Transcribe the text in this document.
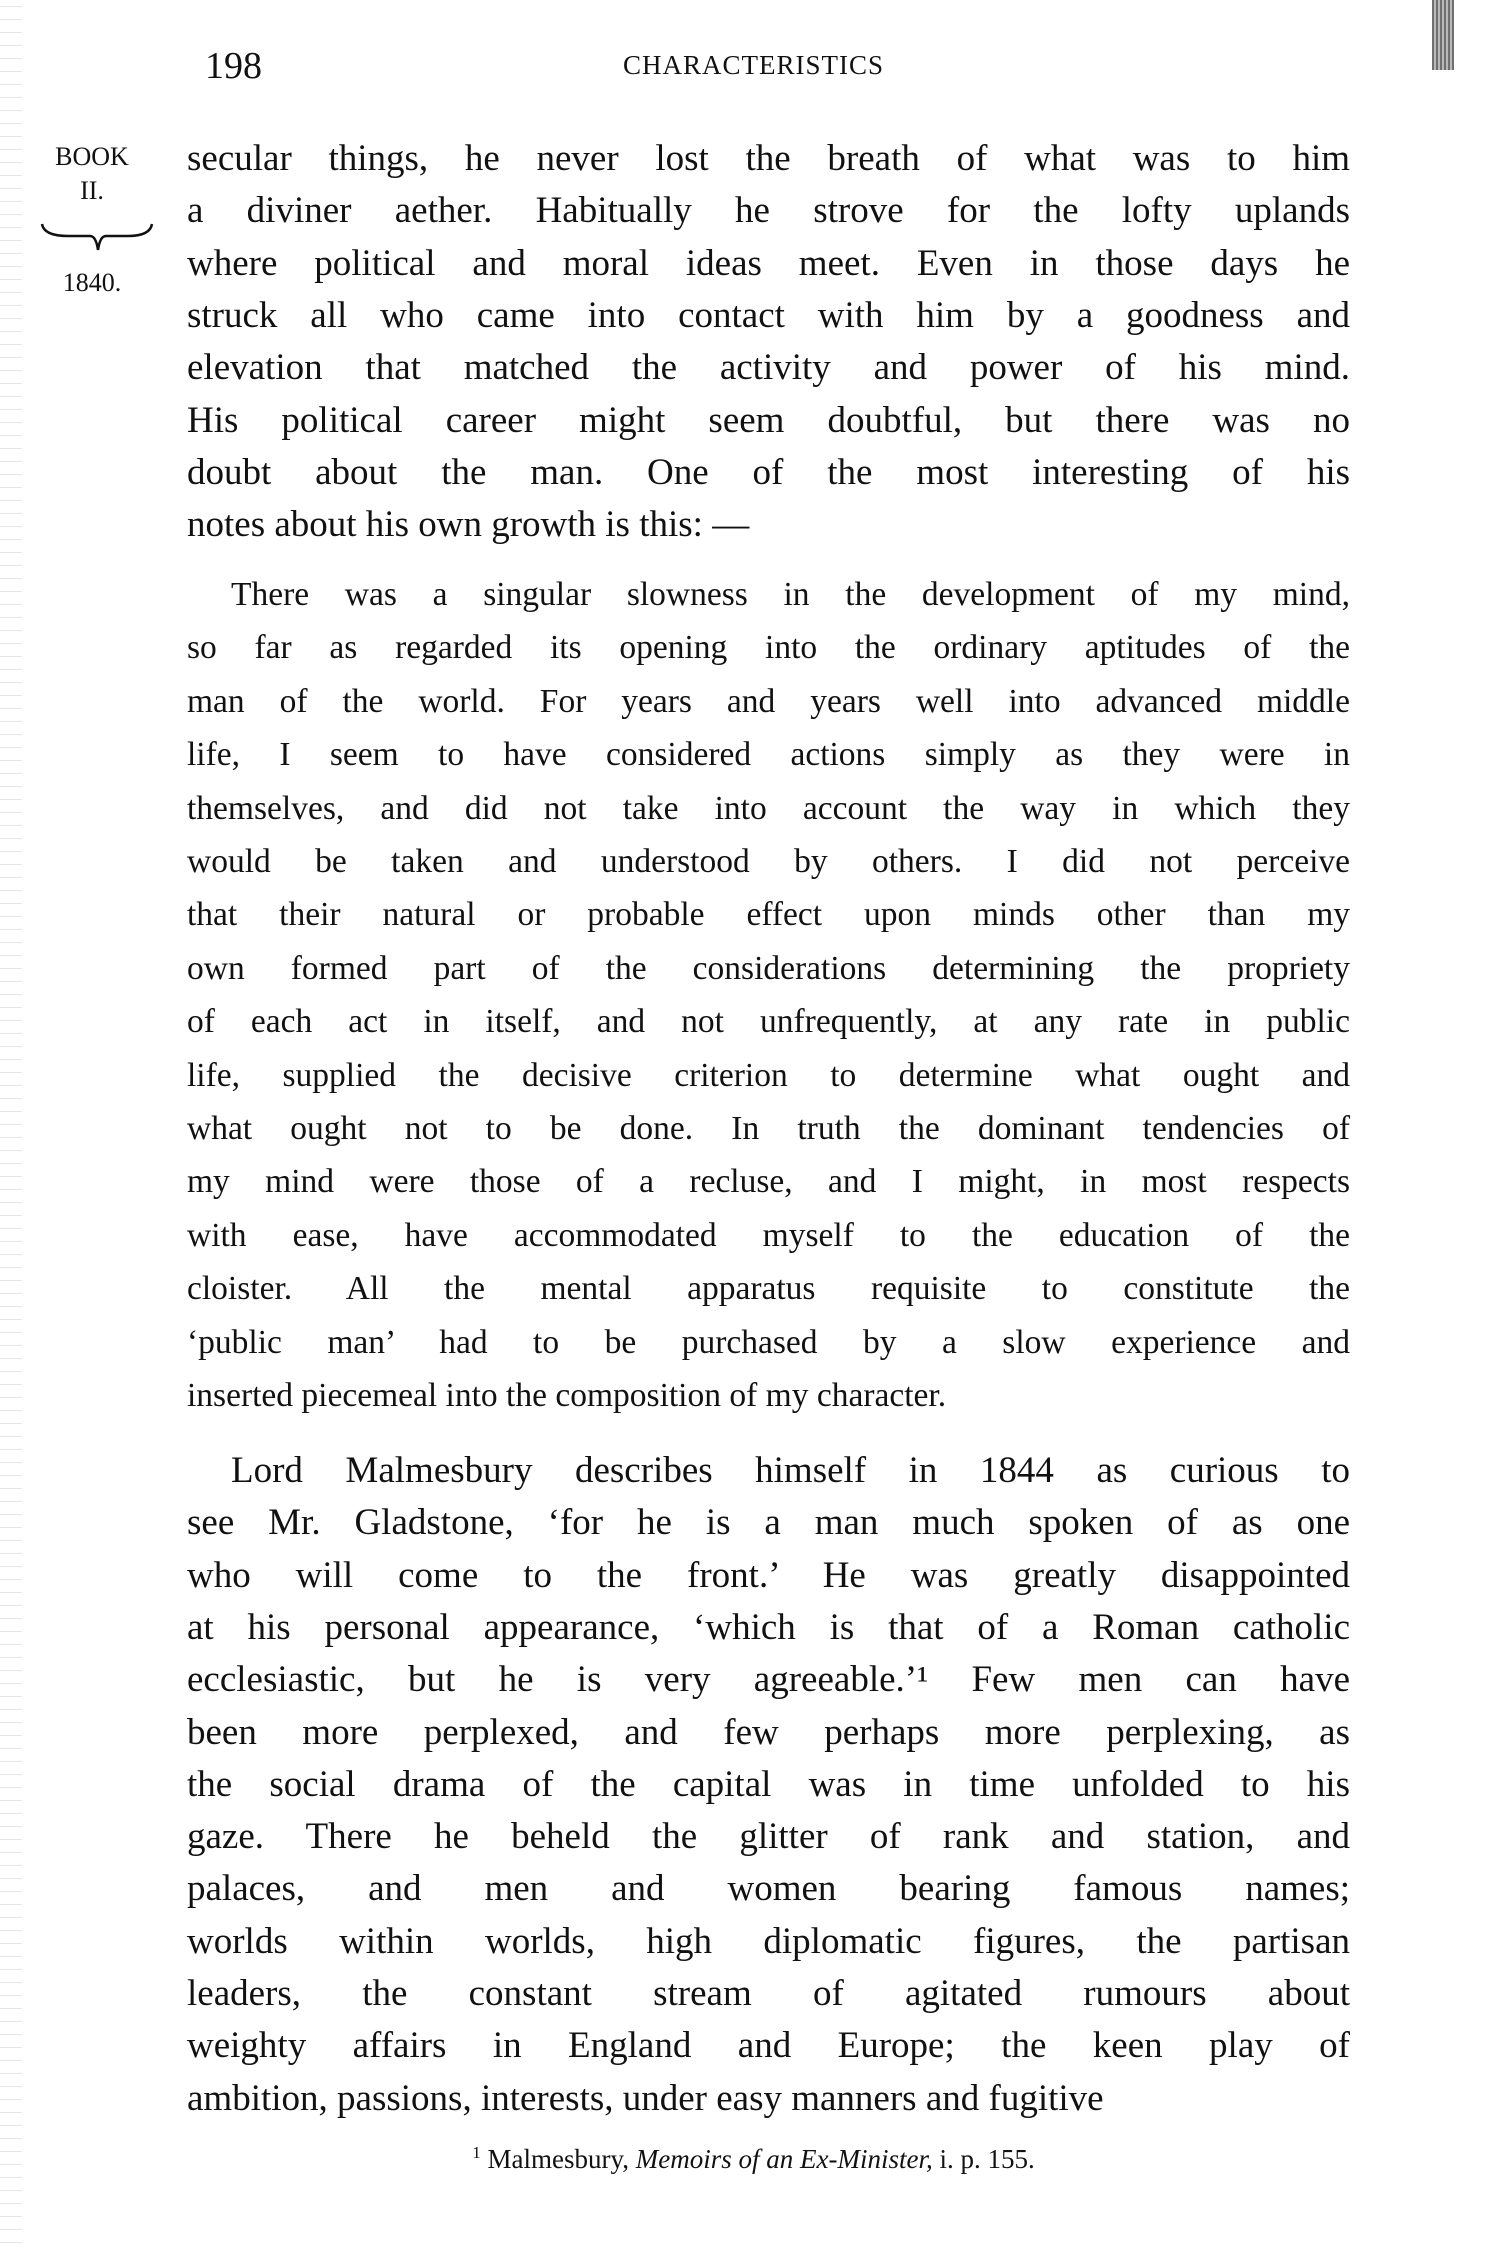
198	CHARACTERISTICS
BOOK
II.
1840.
secular things, he never lost the breath of what was to him
a diviner aether. Habitually he strove for the lofty uplands
where political and moral ideas meet. Even in those days he
struck all who came into contact with him by a goodness and
elevation that matched the activity and power of his mind.
His political career might seem doubtful, but there was no
doubt about the man. One of the most interesting of his
notes about his own growth is this: —
There was a singular slowness in the development of my mind,
so far as regarded its opening into the ordinary aptitudes of the
man of the world. For years and years well into advanced middle
life, I seem to have considered actions simply as they were in
themselves, and did not take into account the way in which they
would be taken and understood by others. I did not perceive
that their natural or probable effect upon minds other than my
own formed part of the considerations determining the propriety
of each act in itself, and not unfrequently, at any rate in public
life, supplied the decisive criterion to determine what ought and
what ought not to be done. In truth the dominant tendencies of
my mind were those of a recluse, and I might, in most respects
with ease, have accommodated myself to the education of the
cloister. All the mental apparatus requisite to constitute the
‘public man’ had to be purchased by a slow experience and
inserted piecemeal into the composition of my character.
Lord Malmesbury describes himself in 1844 as curious to
see Mr. Gladstone, ‘for he is a man much spoken of as one
who will come to the front.’ He was greatly disappointed
at his personal appearance, ‘which is that of a Roman catholic
ecclesiastic, but he is very agreeable.’¹ Few men can have
been more perplexed, and few perhaps more perplexing, as
the social drama of the capital was in time unfolded to his
gaze. There he beheld the glitter of rank and station, and
palaces, and men and women bearing famous names;
worlds within worlds, high diplomatic figures, the partisan
leaders, the constant stream of agitated rumours about
weighty affairs in England and Europe; the keen play of
ambition, passions, interests, under easy manners and fugitive
$^1$ Malmesbury, Memoirs of an Ex-Minister, i. p. 155.
